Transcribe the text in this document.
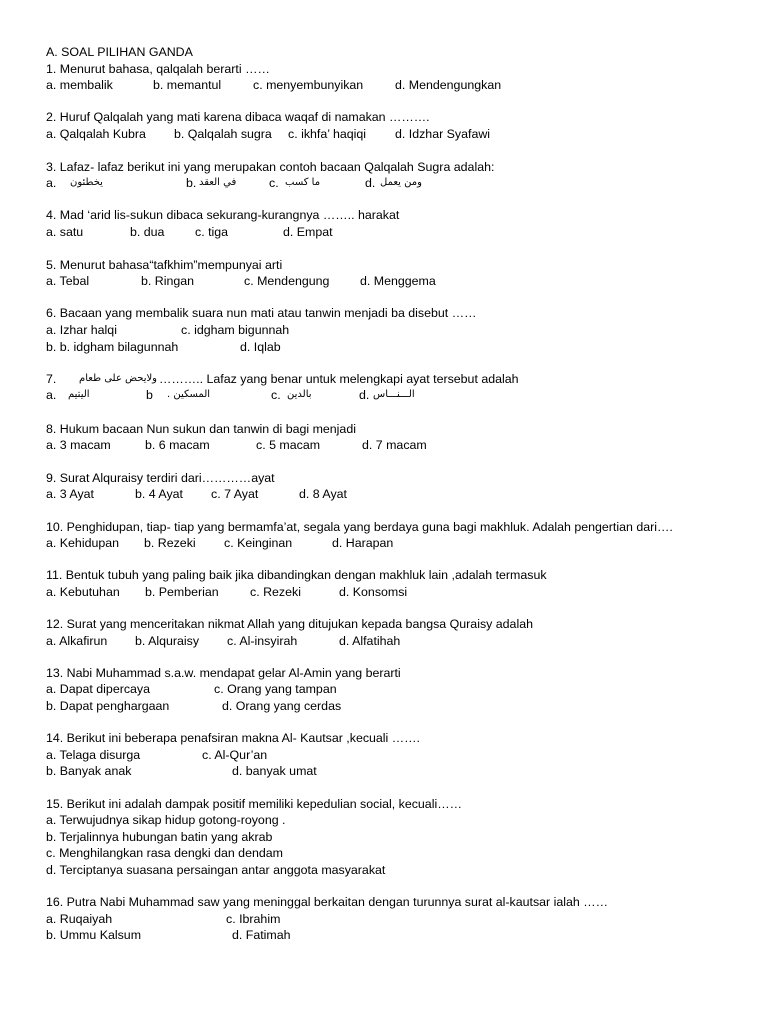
A. SOAL PILIHAN GANDA
1. Menurut bahasa, qalqalah berarti ……
a. membalik	b. memantul	c. menyembunyikan	d. Mendengungkan
2. Huruf Qalqalah yang mati karena dibaca waqaf di namakan ……….
a. Qalqalah Kubra b. Qalqalah sugra c. ikhfa’ haqiqi d. Idzhar Syafawi
3. Lafaz- lafaz berikut ini yang merupakan contoh bacaan Qalqalah Sugra adalah:
a. يخطئون	b. في العقد	c. ما كسب	d. ومن يعمل
4. Mad ‘arid lis-sukun dibaca sekurang-kurangnya …….. harakat
a. satu	b. dua c. tiga	d. Empat
5. Menurut bahasa“tafkhim”mempunyai arti
a. Tebal	b. Ringan	c. Mendengung d. Menggema
6. Bacaan yang membalik suara nun mati atau tanwin menjadi ba disebut ……
a. Izhar halqi	c. idgham bigunnah
b. b. idgham bilagunnah	d. Iqlab
7. ولايحض على طعام ……….. Lafaz yang benar untuk melengkapi ayat tersebut adalah
a. اليتيم	b المسكين .	c. بالدين	d. الـــنـــاس
8. Hukum bacaan Nun sukun dan tanwin di bagi menjadi
a. 3 macam	b. 6 macam	c. 5 macam	d. 7 macam
9. Surat Alquraisy terdiri dari…………ayat
a. 3 Ayat	b. 4 Ayat c. 7 Ayat	d. 8 Ayat
10. Penghidupan, tiap- tiap yang bermamfa’at, segala yang berdaya guna bagi makhluk. Adalah pengertian dari….
a. Kehidupan b. Rezeki c. Keinginan	d. Harapan
11. Bentuk tubuh yang paling baik jika dibandingkan dengan makhluk lain ,adalah termasuk
a. Kebutuhan b. Pemberian	c. Rezeki	d. Konsomsi
12. Surat yang menceritakan nikmat Allah yang ditujukan kepada bangsa Quraisy adalah
a. Alkafirun b. Alquraisy c. Al-insyirah	d. Alfatihah
13. Nabi Muhammad s.a.w. mendapat gelar Al-Amin yang berarti
a. Dapat dipercaya	c. Orang yang tampan
b. Dapat penghargaan	d. Orang yang cerdas
14. Berikut ini beberapa penafsiran makna Al- Kautsar ,kecuali …….
a. Telaga disurga	c. Al-Qur’an
b. Banyak anak	d. banyak umat
15. Berikut ini adalah dampak positif memiliki kepedulian social, kecuali……
a. Terwujudnya sikap hidup gotong-royong .
b. Terjalinnya hubungan batin yang akrab
c. Menghilangkan rasa dengki dan dendam
d. Terciptanya suasana persaingan antar anggota masyarakat
16. Putra Nabi Muhammad saw yang meninggal berkaitan dengan turunnya surat al-kautsar ialah ……
a. Ruqaiyah	c. Ibrahim
b. Ummu Kalsum	d. Fatimah
